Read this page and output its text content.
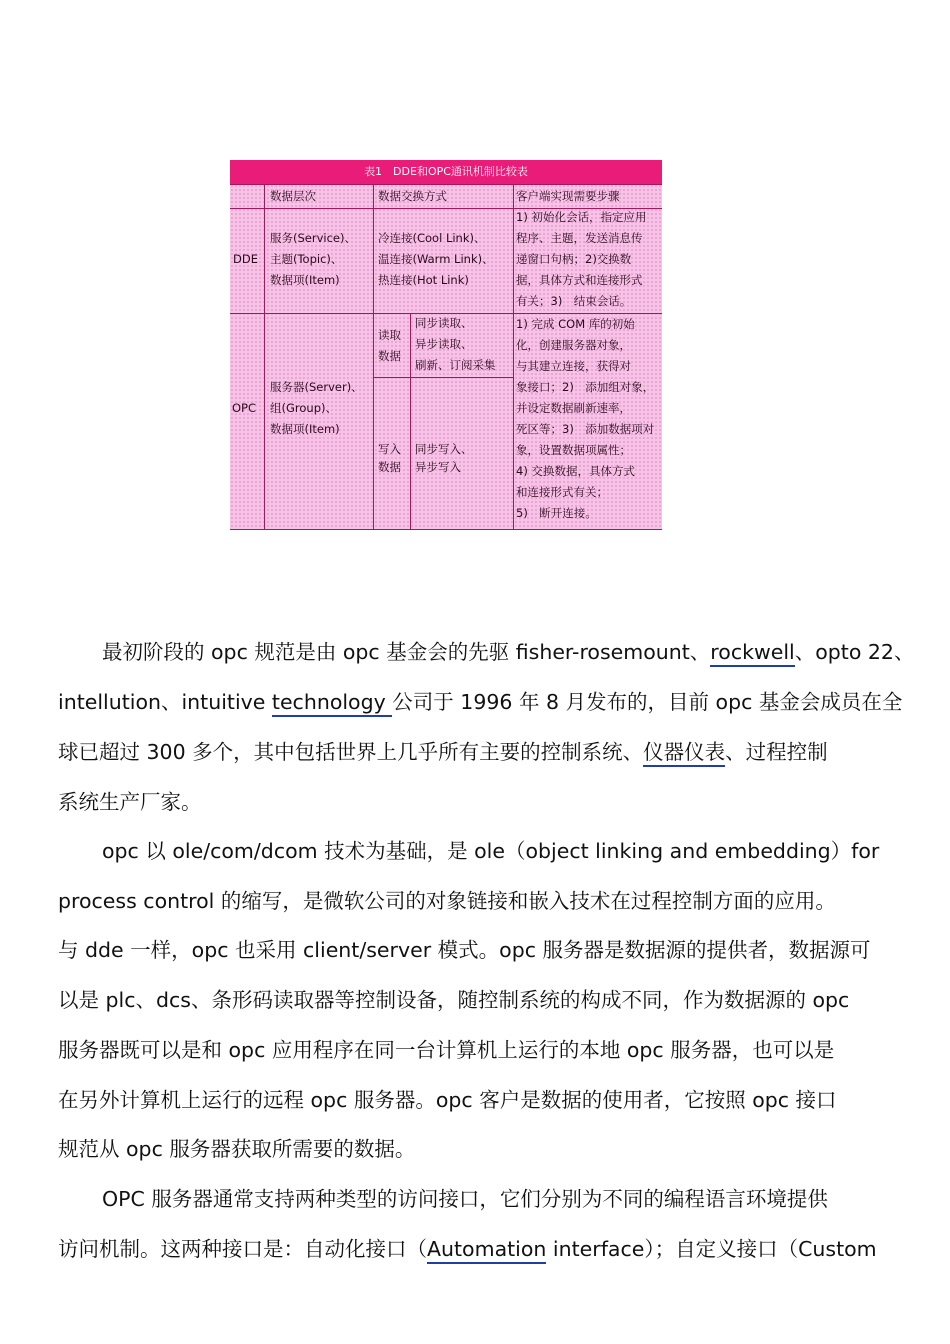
表1　DDE和OPC通讯机制比较表
数据层次	数据交换方式	客户端实现需要步骤
DDE
服务(Service)、
主题(Topic)、
数据项(Item)
冷连接(Cool Link)、
温连接(Warm Link)、
热连接(Hot Link)
1) 初始化会话，指定应用
程序、主题，发送消息传
递窗口句柄；2)交换数
据，具体方式和连接形式
有关；3)　结束会话。
OPC
服务器(Server)、
组(Group)、
数据项(Item)
读取
数据
同步读取、
异步读取、
刷新、订阅采集
写入
数据
同步写入、
异步写入
1) 完成 COM 库的初始
化，创建服务器对象，
与其建立连接，获得对
象接口；2)　添加组对象，
并设定数据刷新速率，
死区等；3)　添加数据项对
象，设置数据项属性；
4) 交换数据，具体方式
和连接形式有关；
5)　断开连接。
最初阶段的 opc 规范是由 opc 基金会的先驱 fisher-rosemount、rockwell、opto 22、
intellution、intuitive technology 公司于 1996 年 8 月发布的，目前 opc 基金会成员在全
球已超过 300 多个，其中包括世界上几乎所有主要的控制系统、仪器仪表、过程控制
系统生产厂家。
opc 以 ole/com/dcom 技术为基础，是 ole（object linking and embedding）for
process control 的缩写，是微软公司的对象链接和嵌入技术在过程控制方面的应用。
与 dde 一样，opc 也采用 client/server 模式。opc 服务器是数据源的提供者，数据源可
以是 plc、dcs、条形码读取器等控制设备，随控制系统的构成不同，作为数据源的 opc
服务器既可以是和 opc 应用程序在同一台计算机上运行的本地 opc 服务器，也可以是
在另外计算机上运行的远程 opc 服务器。opc 客户是数据的使用者，它按照 opc 接口
规范从 opc 服务器获取所需要的数据。
OPC 服务器通常支持两种类型的访问接口，它们分别为不同的编程语言环境提供
访问机制。这两种接口是：自动化接口（Automation interface）；自定义接口（Custom
